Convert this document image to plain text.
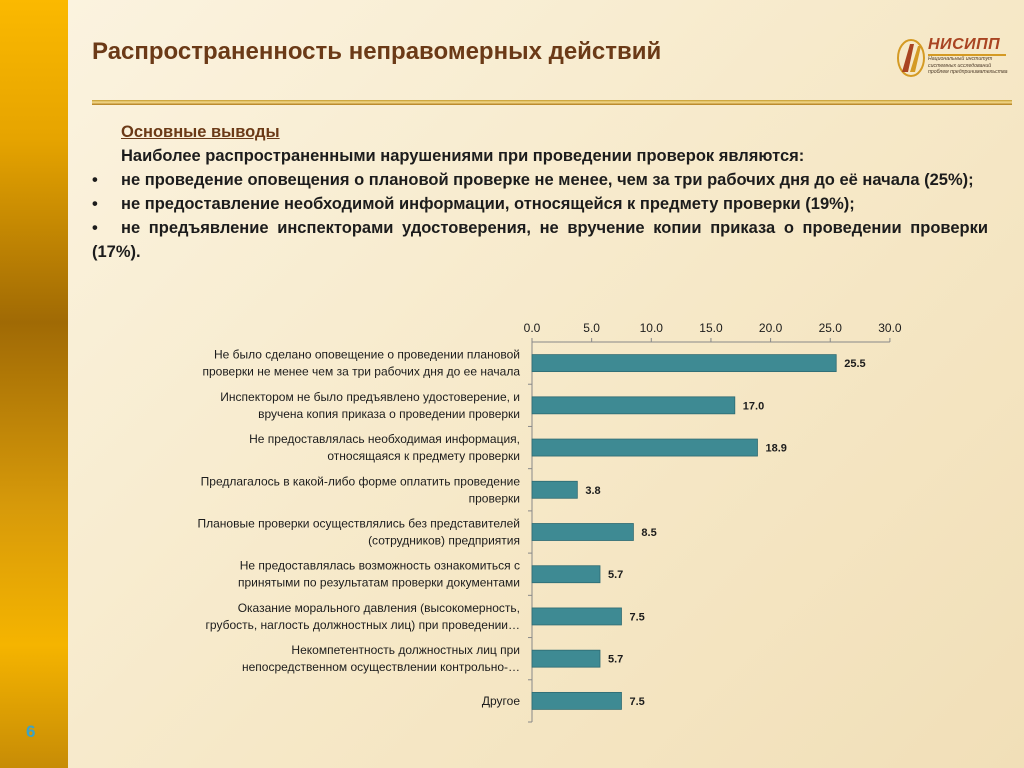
6
Распространенность неправомерных действий	НИСИПП
Национальный институт системных исследований проблем предпринимательства
Основные выводы
Наиболее распространенными нарушениями при проведении проверок являются:
• не проведение оповещения о плановой проверке не менее, чем за три рабочих дня до её начала (25%);
• не предоставление необходимой информации, относящейся к предмету проверки (19%);
• не предъявление инспекторами удостоверения, не вручение копии приказа о проведении проверки (17%).
0.0	5.0	10.0	15.0	20.0	25.0	30.0
25.5
Не было сделано оповещение о проведении плановой
проверки не менее чем за три рабочих дня до ее начала
17.0
Инспектором не было предъявлено удостоверение, и
вручена копия приказа о проведении проверки
18.9
Не предоставлялась необходимая информация,
относящаяся к предмету проверки
3.8
Предлагалось в какой-либо форме оплатить проведение
проверки
8.5
Плановые проверки осуществлялись без представителей
(сотрудников) предприятия
5.7
Не предоставлялась возможность ознакомиться с
принятыми по результатам проверки документами
7.5
Оказание морального давления (высокомерность,
грубость, наглость должностных лиц) при проведении…
5.7
Некомпетентность должностных лиц при
непосредственном осуществлении контрольно-…
7.5
Другое
